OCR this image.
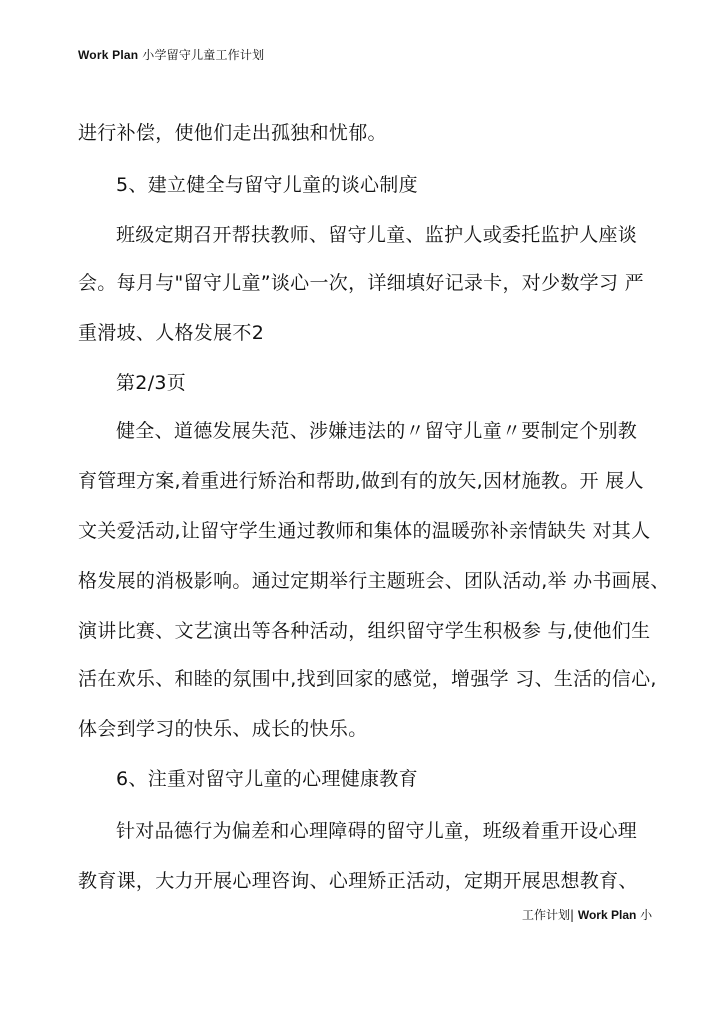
Work Plan 小学留守儿童工作计划
进行补偿，使他们走出孤独和忧郁。
5、建立健全与留守儿童的谈心制度
班级定期召开帮扶教师、留守儿童、监护人或委托监护人座谈
会。每月与"留守儿童”谈心一次，详细填好记录卡，对少数学习 严
重滑坡、人格发展不2
第2/3页
健全、道德发展失范、涉嫌违法的〃留守儿童〃要制定个别教
育管理方案,着重进行矫治和帮助,做到有的放矢,因材施教。开 展人
文关爱活动,让留守学生通过教师和集体的温暖弥补亲情缺失 对其人
格发展的消极影响。通过定期举行主题班会、团队活动,举 办书画展、
演讲比赛、文艺演出等各种活动，组织留守学生积极参 与,使他们生
活在欢乐、和睦的氛围中,找到回家的感觉，增强学 习、生活的信心,
体会到学习的快乐、成长的快乐。
6、注重对留守儿童的心理健康教育
针对品德行为偏差和心理障碍的留守儿童，班级着重开设心理
教育课，大力开展心理咨询、心理矫正活动，定期开展思想教育、
工作计划| Work Plan 小
